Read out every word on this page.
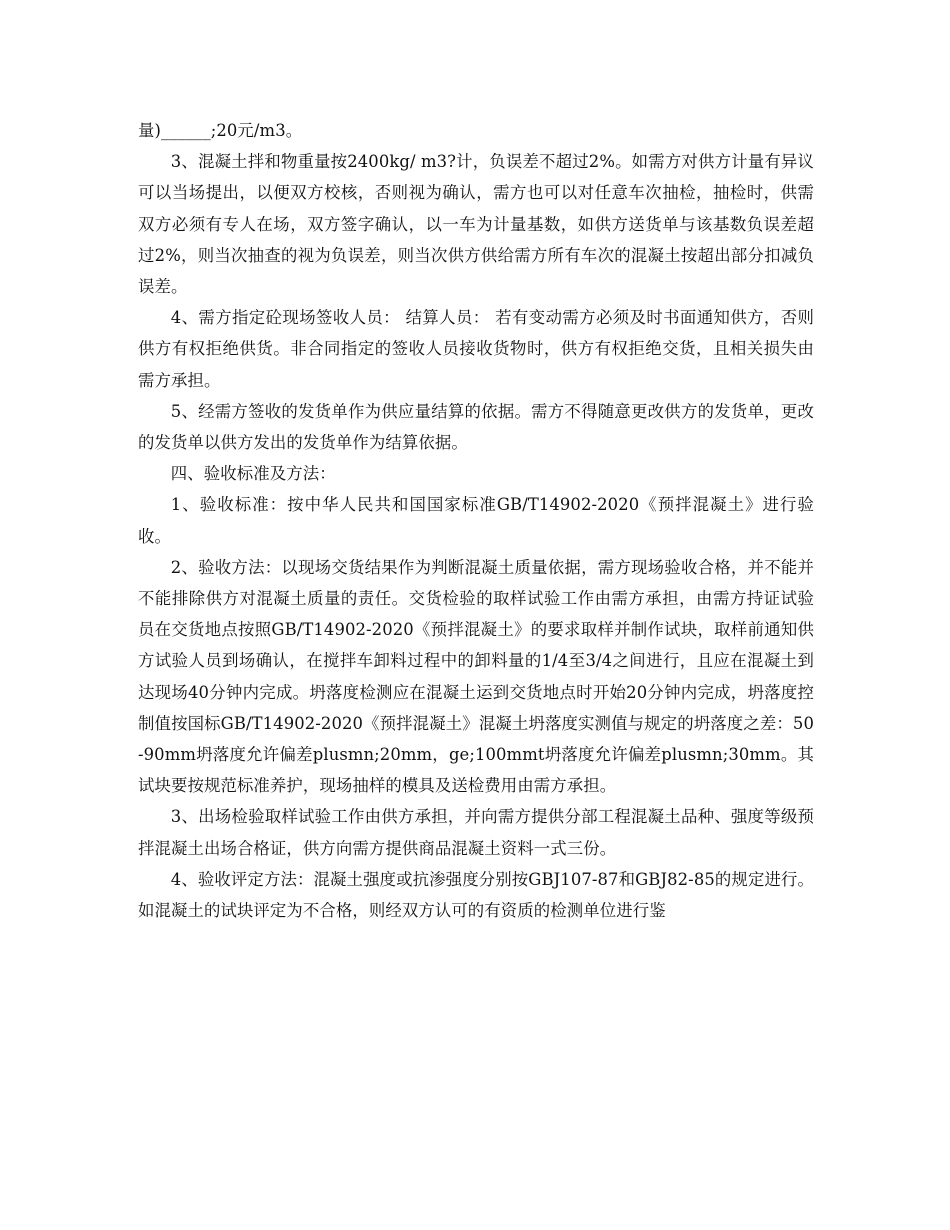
量)______;20元/m3。

3、混凝土拌和物重量按2400kg/ m3?计，负误差不超过2%。如需方对供方计量有异议可以当场提出，以便双方校核，否则视为确认，需方也可以对任意车次抽检，抽检时，供需双方必须有专人在场，双方签字确认，以一车为计量基数，如供方送货单与该基数负误差超过2%，则当次抽查的视为负误差，则当次供方供给需方所有车次的混凝土按超出部分扣减负误差。

4、需方指定砼现场签收人员： 结算人员： 若有变动需方必须及时书面通知供方，否则供方有权拒绝供货。非合同指定的签收人员接收货物时，供方有权拒绝交货，且相关损失由需方承担。

5、经需方签收的发货单作为供应量结算的依据。需方不得随意更改供方的发货单，更改的发货单以供方发出的发货单作为结算依据。

四、验收标准及方法：

1、验收标准：按中华人民共和国国家标准GB/T14902-2020《预拌混凝土》进行验收。

2、验收方法：以现场交货结果作为判断混凝土质量依据，需方现场验收合格，并不能并不能排除供方对混凝土质量的责任。交货检验的取样试验工作由需方承担，由需方持证试验员在交货地点按照GB/T14902-2020《预拌混凝土》的要求取样并制作试块，取样前通知供方试验人员到场确认，在搅拌车卸料过程中的卸料量的1/4至3/4之间进行，且应在混凝土到达现场40分钟内完成。坍落度检测应在混凝土运到交货地点时开始20分钟内完成，坍落度控制值按国标GB/T14902-2020《预拌混凝土》混凝土坍落度实测值与规定的坍落度之差：50-90mm坍落度允许偏差plusmn;20mm，ge;100mmt坍落度允许偏差plusmn;30mm。其试块要按规范标准养护，现场抽样的模具及送检费用由需方承担。

3、出场检验取样试验工作由供方承担，并向需方提供分部工程混凝土品种、强度等级预拌混凝土出场合格证，供方向需方提供商品混凝土资料一式三份。

4、验收评定方法：混凝土强度或抗渗强度分别按GBJ107-87和GBJ82-85的规定进行。如混凝土的试块评定为不合格，则经双方认可的有资质的检测单位进行鉴
